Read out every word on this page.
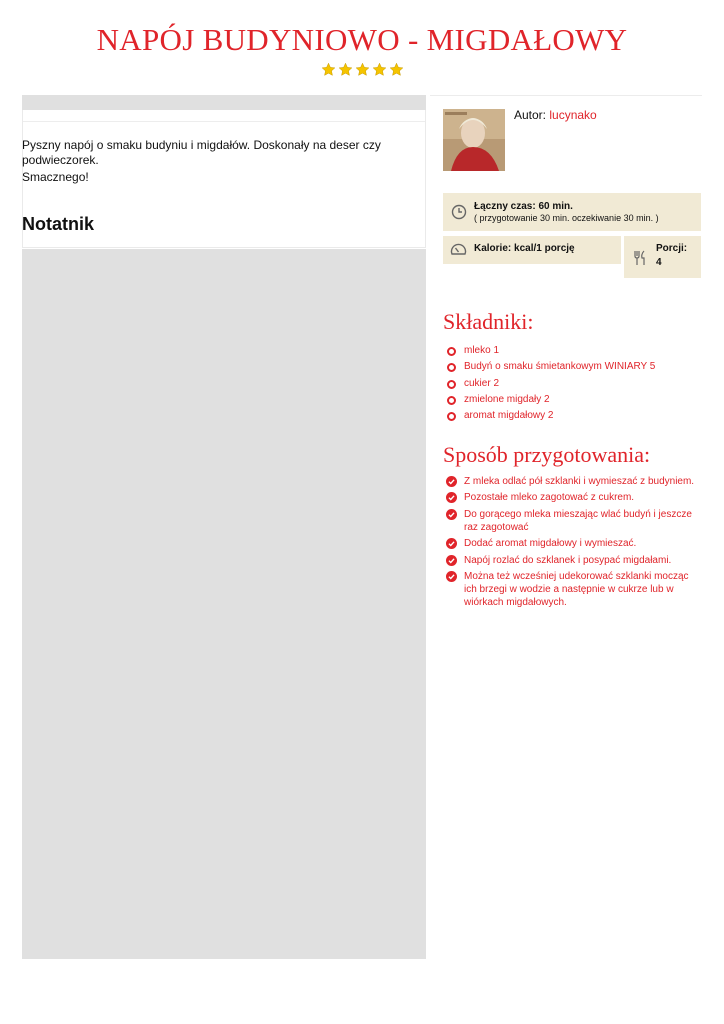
NAPÓJ BUDYNIOWO - MIGDAŁOWY
Pyszny napój o smaku budyniu i migdałów. Doskonały na deser czy podwieczorek.
Smacznego!
Notatnik
Autor: lucynako
Łączny czas: 60 min.
( przygotowanie 30 min. oczekiwanie 30 min. )
Kalorie: kcal/1 porcję	Porcji:
4
Składniki:
mleko 1
Budyń o smaku śmietankowym WINIARY 5
cukier 2
zmielone migdały 2
aromat migdałowy 2
Sposób przygotowania:
Z mleka odlać pół szklanki i wymieszać z budyniem.
Pozostałe mleko zagotować z cukrem.
Do gorącego mleka mieszając wlać budyń i jeszcze raz zagotować
Dodać aromat migdałowy i wymieszać.
Napój rozlać do szklanek i posypać migdałami.
Można też wcześniej udekorować szklanki mocząc ich brzegi w wodzie a następnie w cukrze lub w wiórkach migdałowych.
